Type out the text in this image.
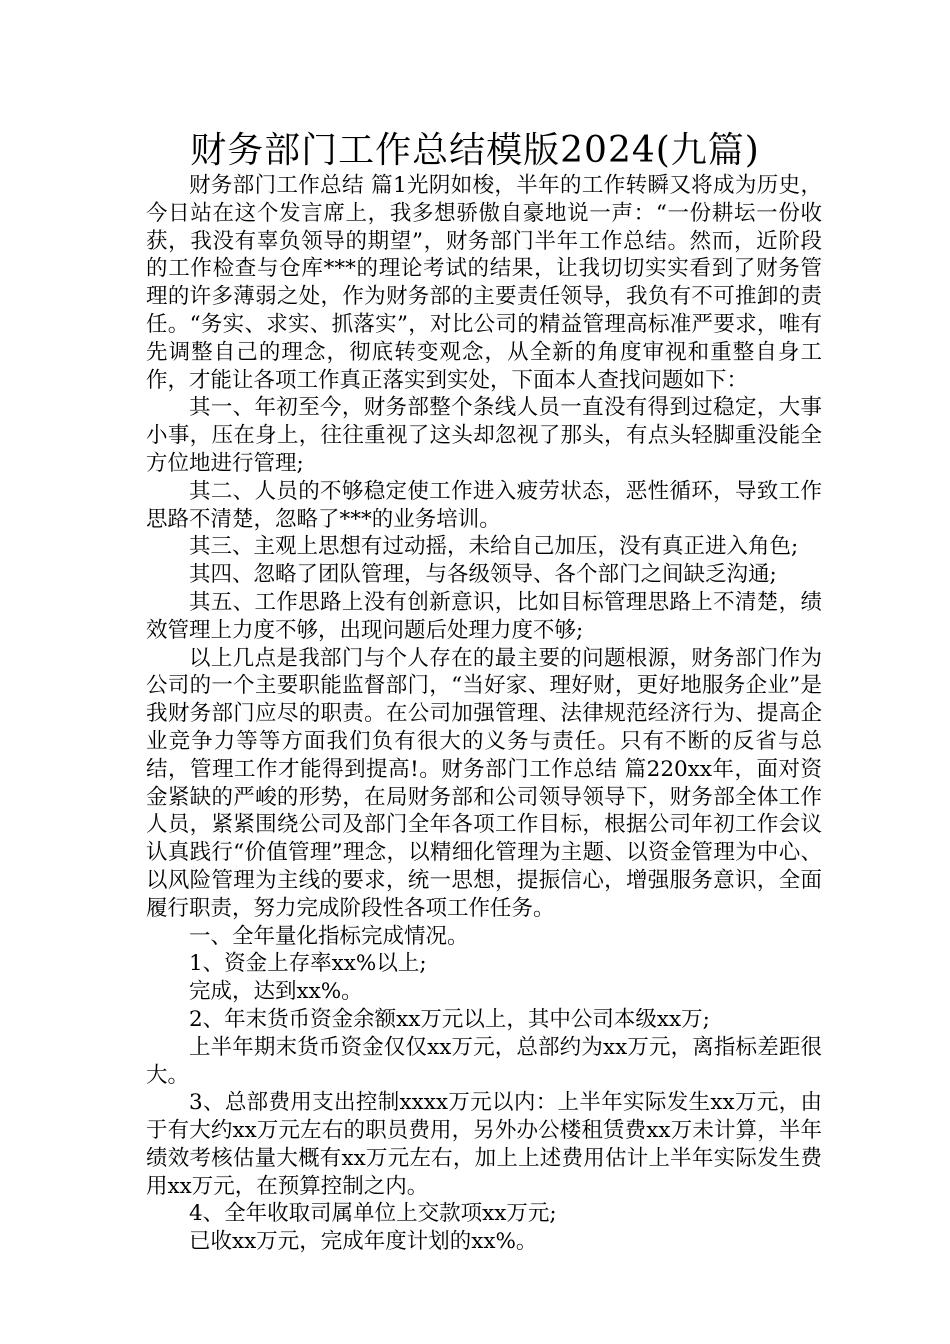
财务部门工作总结模版2024(九篇)

财务部门工作总结 篇1光阴如梭，半年的工作转瞬又将成为历史，今日站在这个发言席上，我多想骄傲自豪地说一声：“一份耕坛一份收获，我没有辜负领导的期望”，财务部门半年工作总结。然而，近阶段的工作检查与仓库***的理论考试的结果，让我切切实实看到了财务管理的许多薄弱之处，作为财务部的主要责任领导，我负有不可推卸的责任。“务实、求实、抓落实”，对比公司的精益管理高标准严要求，唯有先调整自己的理念，彻底转变观念，从全新的角度审视和重整自身工作，才能让各项工作真正落实到实处，下面本人查找问题如下：

其一、年初至今，财务部整个条线人员一直没有得到过稳定，大事小事，压在身上，往往重视了这头却忽视了那头，有点头轻脚重没能全方位地进行管理;

其二、人员的不够稳定使工作进入疲劳状态，恶性循环，导致工作思路不清楚，忽略了***的业务培训。

其三、主观上思想有过动摇，未给自己加压，没有真正进入角色;

其四、忽略了团队管理，与各级领导、各个部门之间缺乏沟通;

其五、工作思路上没有创新意识，比如目标管理思路上不清楚，绩效管理上力度不够，出现问题后处理力度不够;

以上几点是我部门与个人存在的最主要的问题根源，财务部门作为公司的一个主要职能监督部门，“当好家、理好财，更好地服务企业”是我财务部门应尽的职责。在公司加强管理、法律规范经济行为、提高企业竞争力等等方面我们负有很大的义务与责任。只有不断的反省与总结，管理工作才能得到提高!。财务部门工作总结 篇220xx年，面对资金紧缺的严峻的形势，在局财务部和公司领导领导下，财务部全体工作人员，紧紧围绕公司及部门全年各项工作目标，根据公司年初工作会议认真践行“价值管理”理念，以精细化管理为主题、以资金管理为中心、以风险管理为主线的要求，统一思想，提振信心，增强服务意识，全面履行职责，努力完成阶段性各项工作任务。

一、全年量化指标完成情况。

1、资金上存率xx%以上;

完成，达到xx%。

2、年末货币资金余额xx万元以上，其中公司本级xx万;

上半年期末货币资金仅仅xx万元，总部约为xx万元，离指标差距很大。

3、总部费用支出控制xxxx万元以内：上半年实际发生xx万元，由于有大约xx万元左右的职员费用，另外办公楼租赁费xx万未计算，半年绩效考核估量大概有xx万元左右，加上上述费用估计上半年实际发生费用xx万元，在预算控制之内。

4、全年收取司属单位上交款项xx万元;

已收xx万元，完成年度计划的xx%。
